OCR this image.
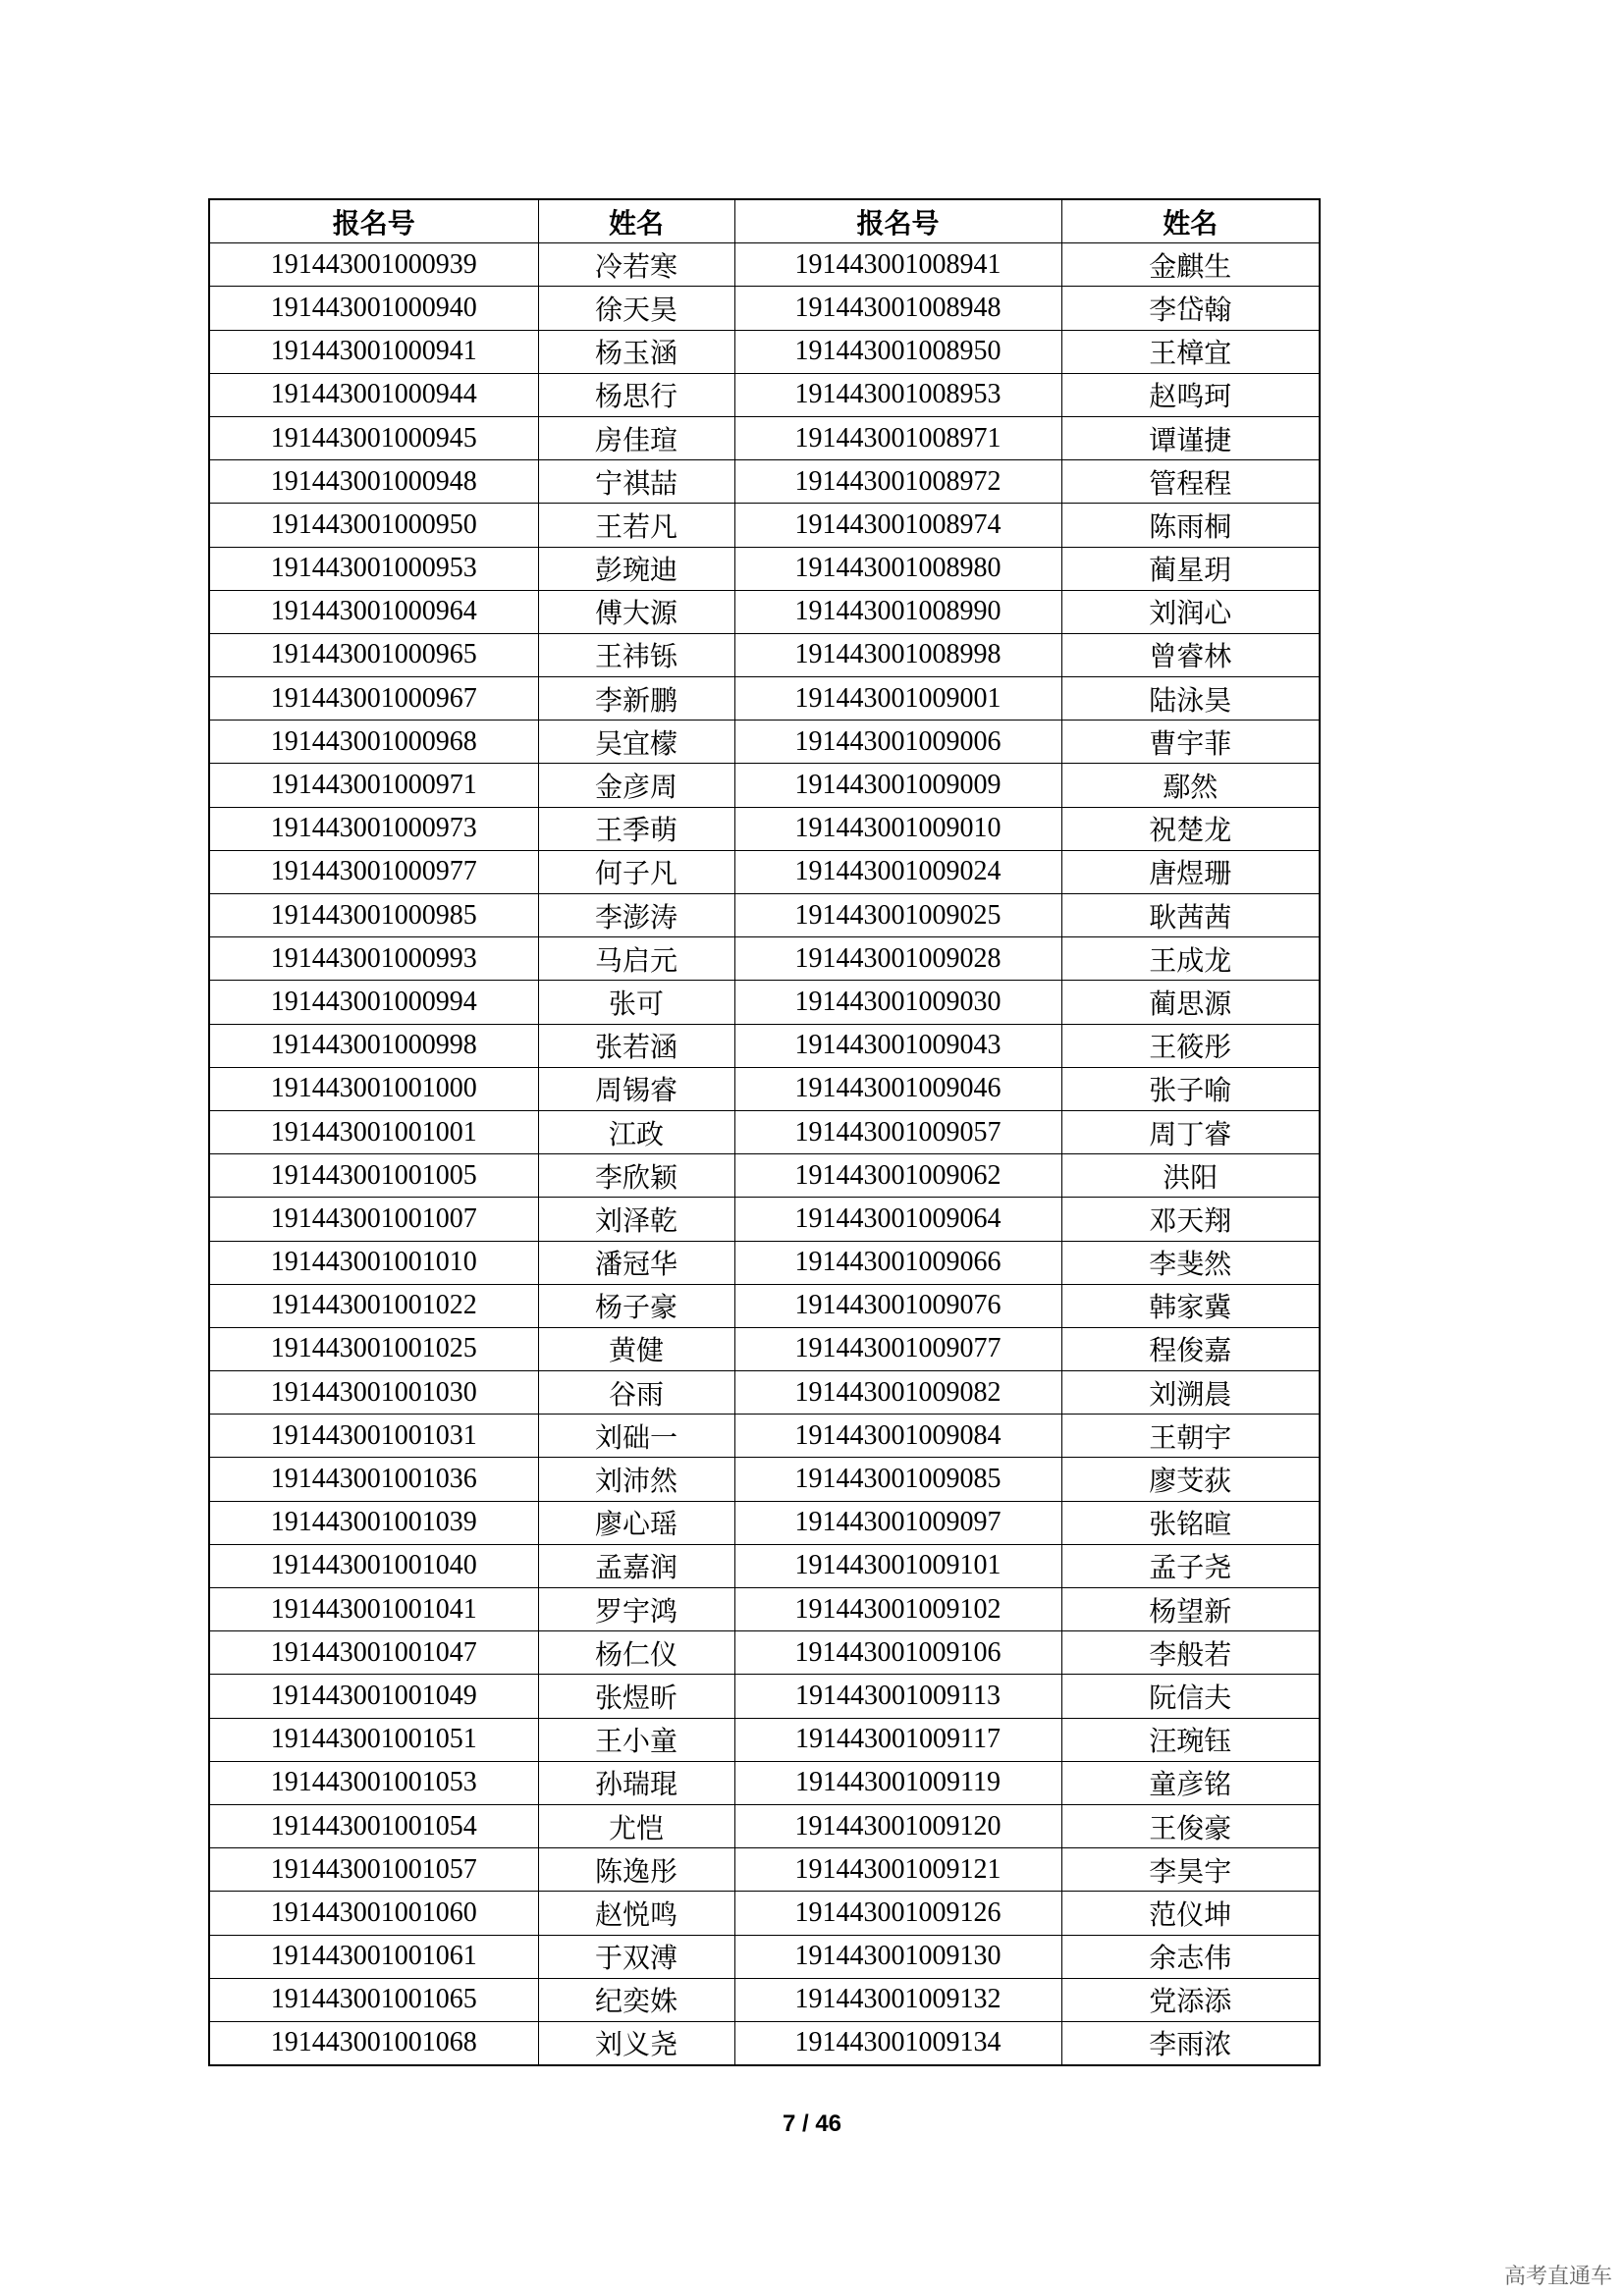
报名号	姓名	报名号	姓名
191443001000939	冷若寒	191443001008941	金麒生
191443001000940	徐天昊	191443001008948	李岱翰
191443001000941	杨玉涵	191443001008950	王樟宜
191443001000944	杨思行	191443001008953	赵鸣珂
191443001000945	房佳瑄	191443001008971	谭谨捷
191443001000948	宁祺喆	191443001008972	管程程
191443001000950	王若凡	191443001008974	陈雨桐
191443001000953	彭琬迪	191443001008980	蔺星玥
191443001000964	傅大源	191443001008990	刘润心
191443001000965	王祎铄	191443001008998	曾睿林
191443001000967	李新鹏	191443001009001	陆泳昊
191443001000968	吴宜檬	191443001009006	曹宇菲
191443001000971	金彦周	191443001009009	鄢然
191443001000973	王季萌	191443001009010	祝楚龙
191443001000977	何子凡	191443001009024	唐煜珊
191443001000985	李澎涛	191443001009025	耿茜茜
191443001000993	马启元	191443001009028	王成龙
191443001000994	张可	191443001009030	蔺思源
191443001000998	张若涵	191443001009043	王筱彤
191443001001000	周锡睿	191443001009046	张子喻
191443001001001	江政	191443001009057	周丁睿
191443001001005	李欣颖	191443001009062	洪阳
191443001001007	刘泽乾	191443001009064	邓天翔
191443001001010	潘冠华	191443001009066	李斐然
191443001001022	杨子豪	191443001009076	韩家冀
191443001001025	黄健	191443001009077	程俊嘉
191443001001030	谷雨	191443001009082	刘溯晨
191443001001031	刘础一	191443001009084	王朝宇
191443001001036	刘沛然	191443001009085	廖芠荻
191443001001039	廖心瑶	191443001009097	张铭暄
191443001001040	孟嘉润	191443001009101	孟子尧
191443001001041	罗宇鸿	191443001009102	杨望新
191443001001047	杨仁仪	191443001009106	李般若
191443001001049	张煜昕	191443001009113	阮信夫
191443001001051	王小童	191443001009117	汪琬钰
191443001001053	孙瑞琨	191443001009119	童彦铭
191443001001054	尤恺	191443001009120	王俊豪
191443001001057	陈逸彤	191443001009121	李昊宇
191443001001060	赵悦鸣	191443001009126	范仪坤
191443001001061	于双溥	191443001009130	余志伟
191443001001065	纪奕姝	191443001009132	党添添
191443001001068	刘义尧	191443001009134	李雨浓
7 / 46
高考直通车
